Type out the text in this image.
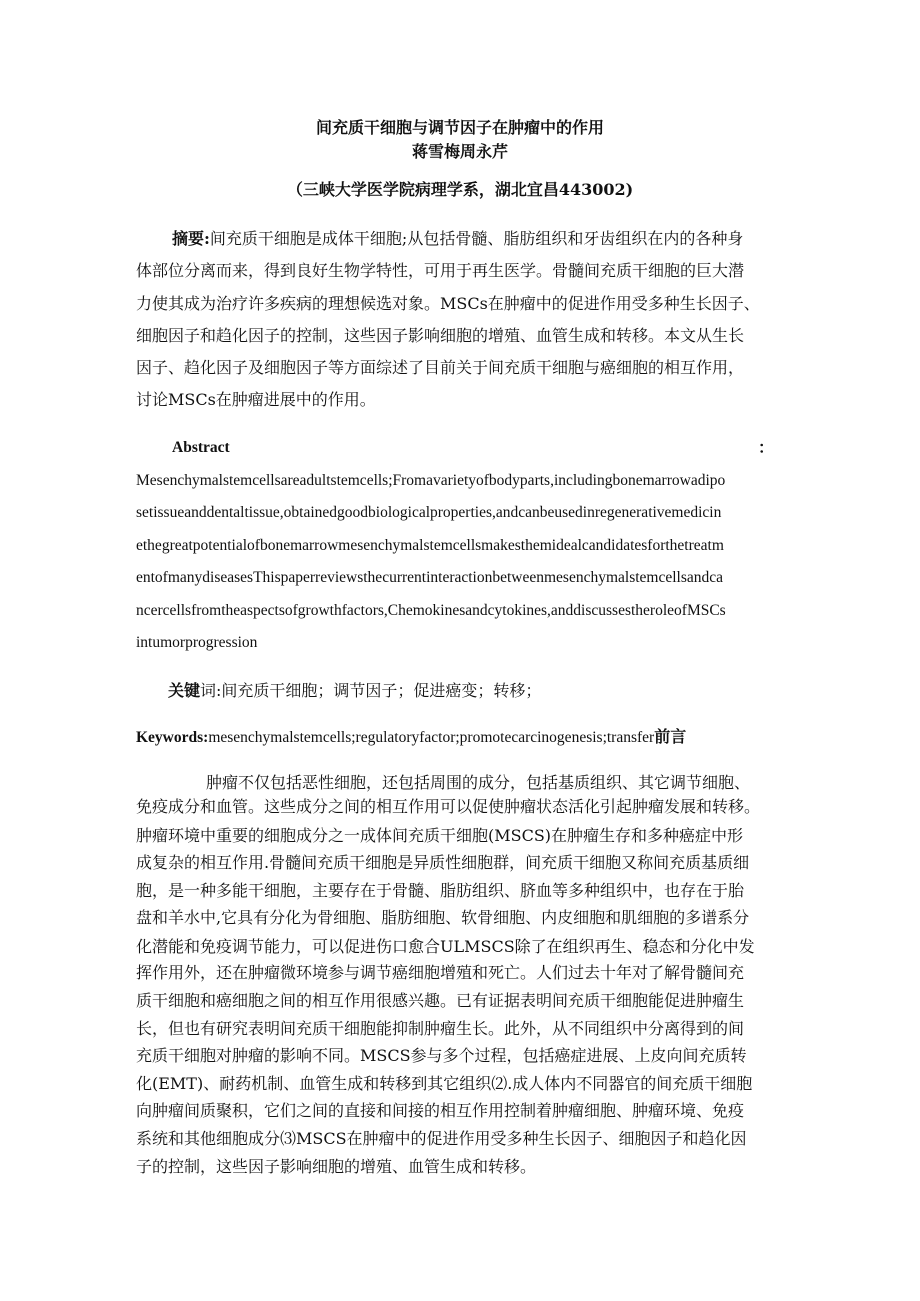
间充质干细胞与调节因子在肿瘤中的作用
蒋雪梅周永芹
（三峡大学医学院病理学系，湖北宜昌443002)
摘要:间充质干细胞是成体干细胞;从包括骨髓、脂肪组织和牙齿组织在内的各种身
体部位分离而来，得到良好生物学特性，可用于再生医学。骨髓间充质干细胞的巨大潜
力使其成为治疗许多疾病的理想候选对象。MSCs在肿瘤中的促进作用受多种生长因子、
细胞因子和趋化因子的控制，这些因子影响细胞的增殖、血管生成和转移。本文从生长
因子、趋化因子及细胞因子等方面综述了目前关于间充质干细胞与癌细胞的相互作用，
讨论MSCs在肿瘤进展中的作用。
Abstract	：
Mesenchymalstemcellsareadultstemcells;Fromavarietyofbodyparts,includingbonemarrowadipo
setissueanddentaltissue,obtainedgoodbiologicalproperties,andcanbeusedinregenerativemedicin
ethegreatpotentialofbonemarrowmesenchymalstemcellsmakesthemidealcandidatesforthetreatm
entofmanydiseasesThispaperreviewsthecurrentinteractionbetweenmesenchymalstemcellsandca
ncercellsfromtheaspectsofgrowthfactors,Chemokinesandcytokines,anddiscussestheroleofMSCs
intumorprogression
关键词:间充质干细胞；调节因子；促进癌变；转移；
Keywords:mesenchymalstemcells;regulatoryfactor;promotecarcinogenesis;transfer前言
肿瘤不仅包括恶性细胞，还包括周围的成分，包括基质组织、其它调节细胞、
免疫成分和血管。这些成分之间的相互作用可以促使肿瘤状态活化引起肿瘤发展和转移。
肿瘤环境中重要的细胞成分之一成体间充质干细胞(MSCS)在肿瘤生存和多种癌症中形
成复杂的相互作用.骨髓间充质干细胞是异质性细胞群，间充质干细胞又称间充质基质细
胞，是一种多能干细胞，主要存在于骨髓、脂肪组织、脐血等多种组织中，也存在于胎
盘和羊水中,它具有分化为骨细胞、脂肪细胞、软骨细胞、内皮细胞和肌细胞的多谱系分
化潜能和免疫调节能力，可以促进伤口愈合ULMSCS除了在组织再生、稳态和分化中发
挥作用外，还在肿瘤微环境参与调节癌细胞增殖和死亡。人们过去十年对了解骨髓间充
质干细胞和癌细胞之间的相互作用很感兴趣。已有证据表明间充质干细胞能促进肿瘤生
长，但也有研究表明间充质干细胞能抑制肿瘤生长。此外，从不同组织中分离得到的间
充质干细胞对肿瘤的影响不同。MSCS参与多个过程，包括癌症进展、上皮向间充质转
化(EMT)、耐药机制、血管生成和转移到其它组织⑵.成人体内不同器官的间充质干细胞
向肿瘤间质聚积，它们之间的直接和间接的相互作用控制着肿瘤细胞、肿瘤环境、免疫
系统和其他细胞成分⑶MSCS在肿瘤中的促进作用受多种生长因子、细胞因子和趋化因
子的控制，这些因子影响细胞的增殖、血管生成和转移。
